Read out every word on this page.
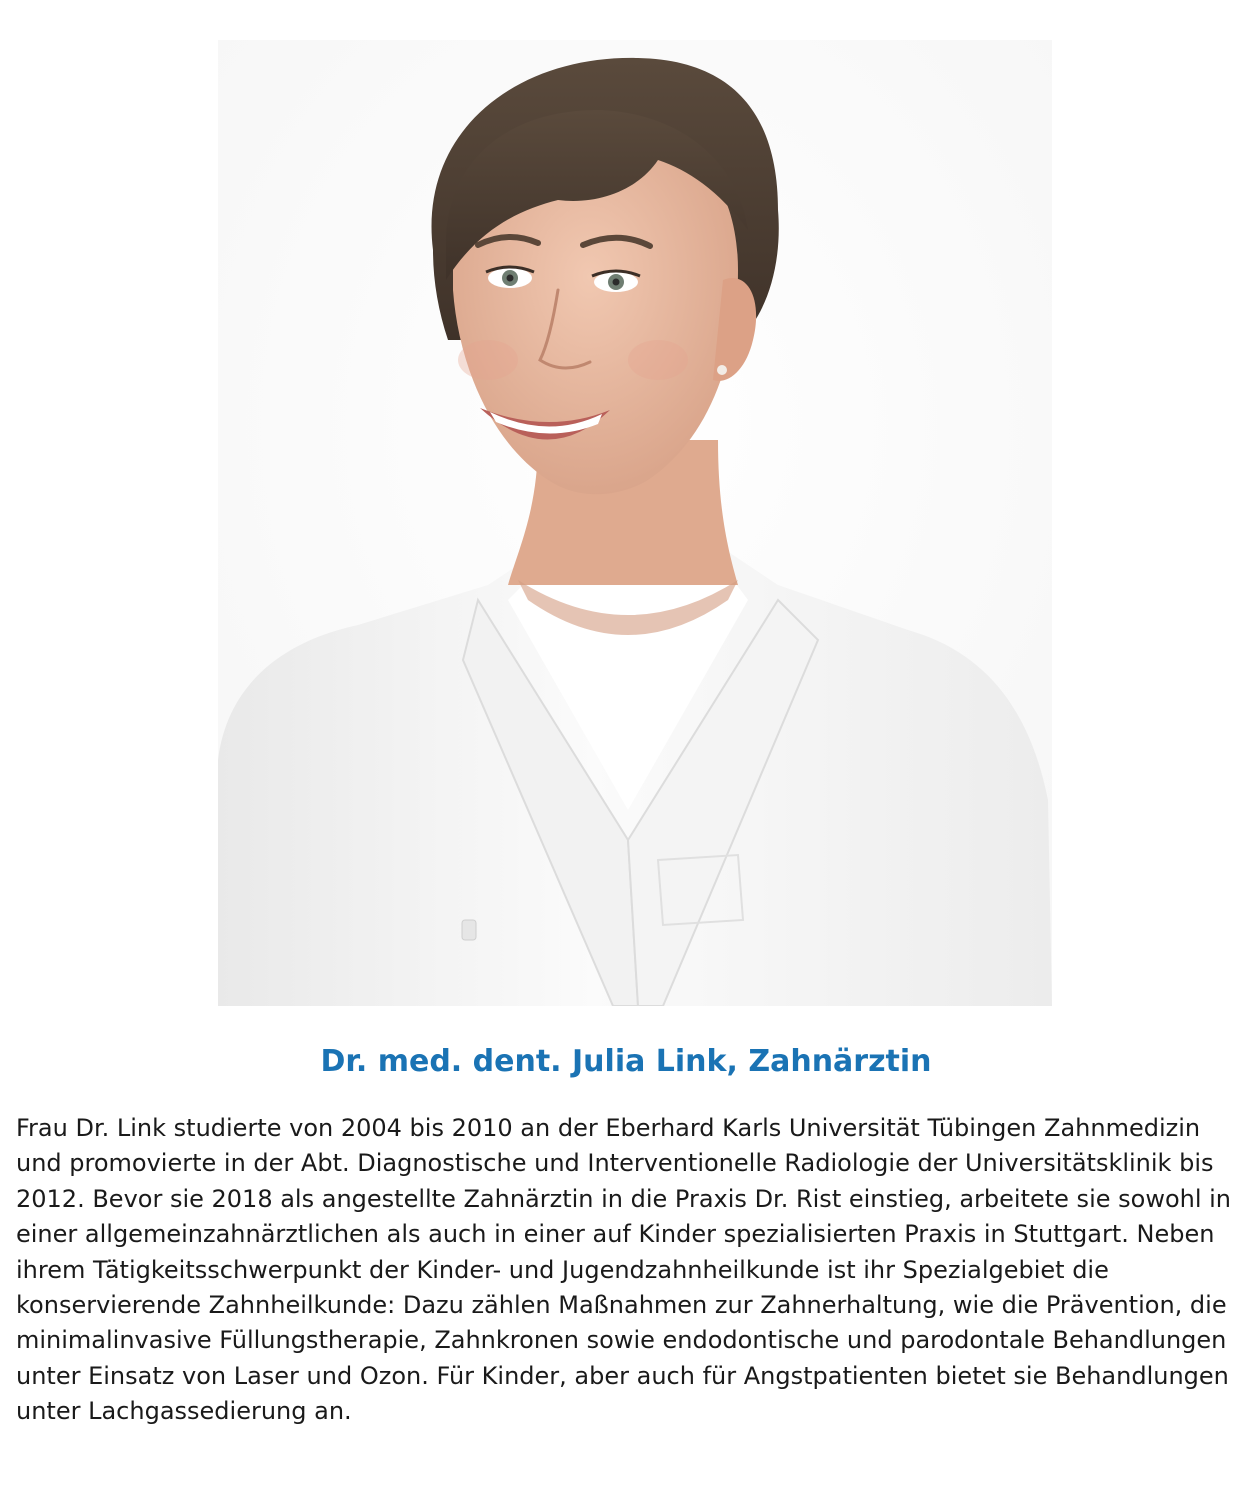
Dr. med. dent. Julia Link, Zahnärztin

Frau Dr. Link studierte von 2004 bis 2010 an der Eberhard Karls Universität Tübingen Zahnmedizin und promovierte in der Abt. Diagnostische und Interventionelle Radiologie der Universitätsklinik bis 2012. Bevor sie 2018 als angestellte Zahnärztin in die Praxis Dr. Rist einstieg, arbeitete sie sowohl in einer allgemeinzahnärztlichen als auch in einer auf Kinder spezialisierten Praxis in Stuttgart. Neben ihrem Tätigkeitsschwerpunkt der Kinder- und Jugendzahnheilkunde ist ihr Spezialgebiet die konservierende Zahnheilkunde: Dazu zählen Maßnahmen zur Zahnerhaltung, wie die Prävention, die minimalinvasive Füllungstherapie, Zahnkronen sowie endodontische und parodontale Behandlungen unter Einsatz von Laser und Ozon. Für Kinder, aber auch für Angstpatienten bietet sie Behandlungen unter Lachgassedierung an.
